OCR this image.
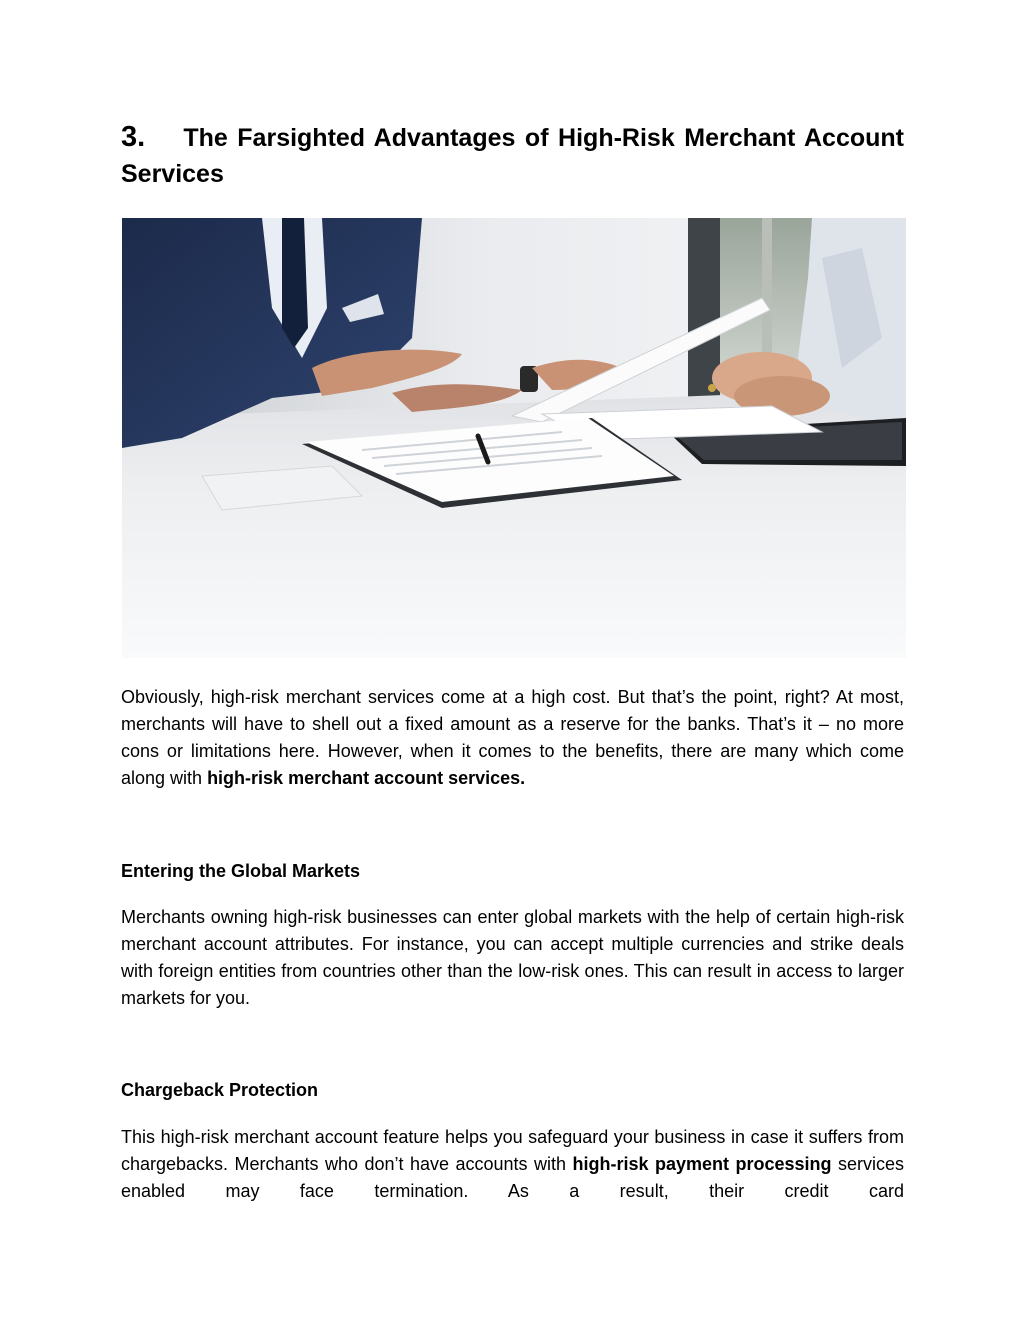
3. The Farsighted Advantages of High-Risk Merchant Account Services

Obviously, high-risk merchant services come at a high cost. But that’s the point, right? At most, merchants will have to shell out a fixed amount as a reserve for the banks. That’s it – no more cons or limitations here. However, when it comes to the benefits, there are many which come along with high-risk merchant account services.

Entering the Global Markets

Merchants owning high-risk businesses can enter global markets with the help of certain high-risk merchant account attributes. For instance, you can accept multiple currencies and strike deals with foreign entities from countries other than the low-risk ones. This can result in access to larger markets for you.

Chargeback Protection

This high-risk merchant account feature helps you safeguard your business in case it suffers from chargebacks. Merchants who don’t have accounts with high-risk payment processing services enabled may face termination. As a result, their credit card
